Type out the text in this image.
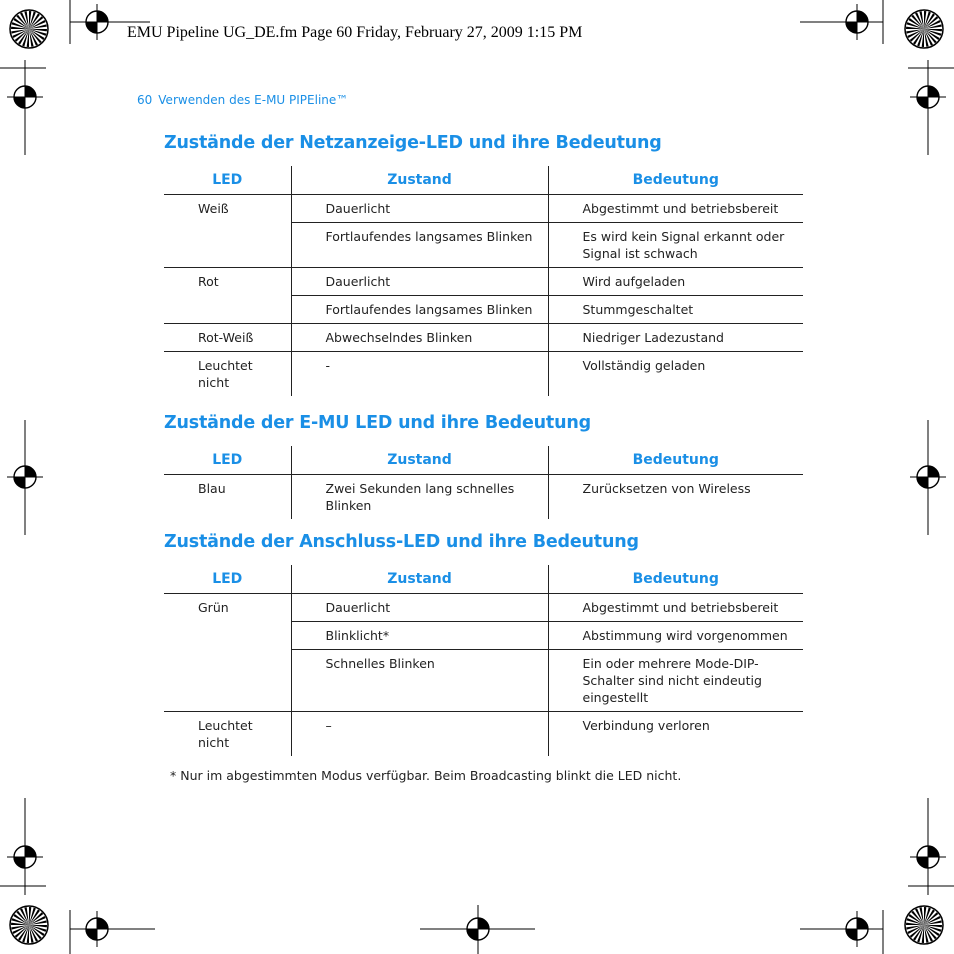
EMU Pipeline UG_DE.fm Page 60 Friday, February 27, 2009 1:15 PM
60 Verwenden des E-MU PIPEline™
Zustände der Netzanzeige-LED und ihre Bedeutung
LED	Zustand	Bedeutung
Weiß	Dauerlicht	Abgestimmt und betriebsbereit
	Fortlaufendes langsames Blinken	Es wird kein Signal erkannt oder Signal ist schwach
Rot	Dauerlicht	Wird aufgeladen
	Fortlaufendes langsames Blinken	Stummgeschaltet
Rot-Weiß	Abwechselndes Blinken	Niedriger Ladezustand
Leuchtet nicht	-	Vollständig geladen
Zustände der E-MU LED und ihre Bedeutung
LED	Zustand	Bedeutung
Blau	Zwei Sekunden lang schnelles Blinken	Zurücksetzen von Wireless
Zustände der Anschluss-LED und ihre Bedeutung
LED	Zustand	Bedeutung
Grün	Dauerlicht	Abgestimmt und betriebsbereit
	Blinklicht*	Abstimmung wird vorgenommen
	Schnelles Blinken	Ein oder mehrere Mode-DIP-Schalter sind nicht eindeutig eingestellt
Leuchtet nicht	–	Verbindung verloren
* Nur im abgestimmten Modus verfügbar. Beim Broadcasting blinkt die LED nicht.
